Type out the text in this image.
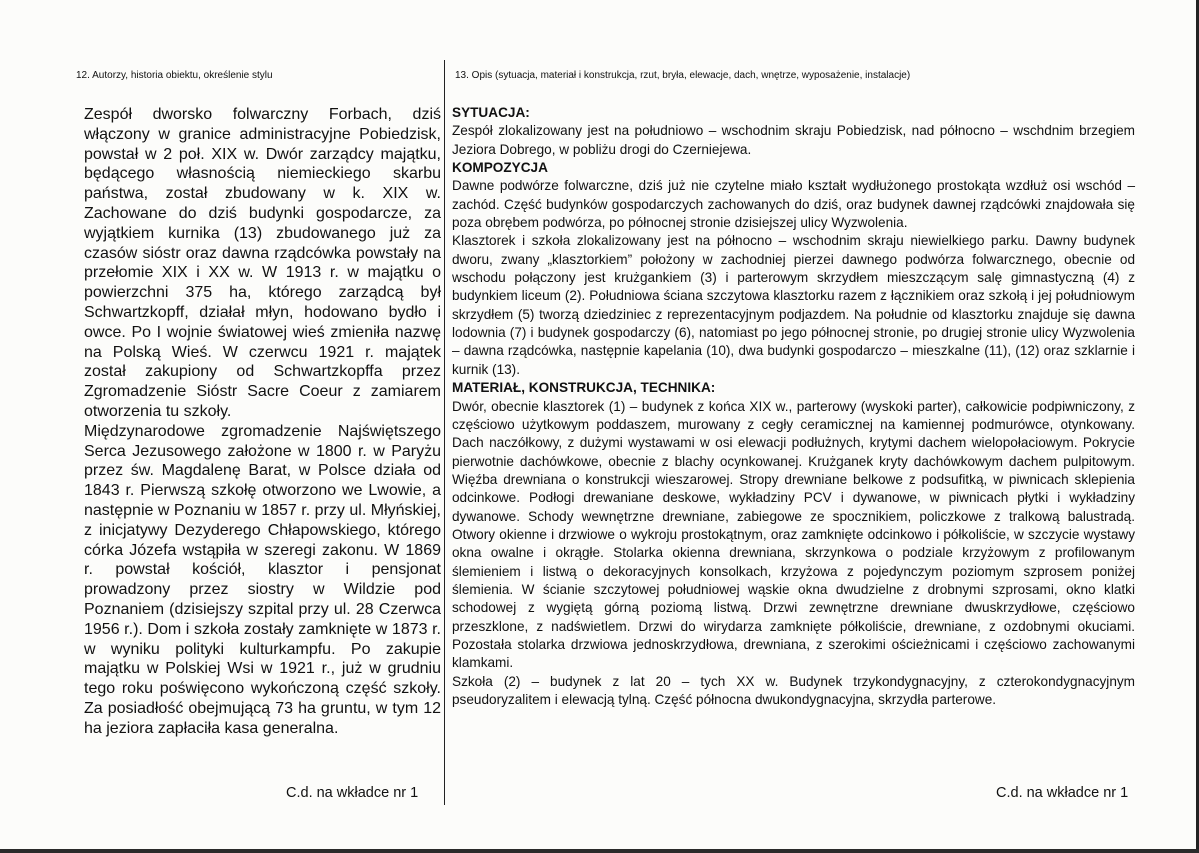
12. Autorzy, historia obiektu, określenie stylu	13. Opis (sytuacja, materiał i konstrukcja, rzut, bryła, elewacje, dach, wnętrze, wyposażenie, instalacje)

Zespół dworsko folwarczny Forbach, dziś włączony w granice administracyjne Pobiedzisk, powstał w 2 poł. XIX w. Dwór zarządcy majątku, będącego własnością niemieckiego skarbu państwa, został zbudowany w k. XIX w. Zachowane do dziś budynki gospodarcze, za wyjątkiem kurnika (13) zbudowanego już za czasów sióstr oraz dawna rządcówka powstały na przełomie XIX i XX w. W 1913 r. w majątku o powierzchni 375 ha, którego zarządcą był Schwartzkopff, działał młyn, hodowano bydło i owce. Po I wojnie światowej wieś zmieniła nazwę na Polską Wieś. W czerwcu 1921 r. majątek został zakupiony od Schwartzkopffa przez Zgromadzenie Sióstr Sacre Coeur z zamiarem otworzenia tu szkoły.

Międzynarodowe zgromadzenie Najświętszego Serca Jezusowego założone w 1800 r. w Paryżu przez św. Magdalenę Barat, w Polsce działa od 1843 r. Pierwszą szkołę otworzono we Lwowie, a następnie w Poznaniu w 1857 r. przy ul. Młyńskiej, z inicjatywy Dezyderego Chłapowskiego, którego córka Józefa wstąpiła w szeregi zakonu. W 1869 r. powstał kościół, klasztor i pensjonat prowadzony przez siostry w Wildzie pod Poznaniem (dzisiejszy szpital przy ul. 28 Czerwca 1956 r.). Dom i szkoła zostały zamknięte w 1873 r. w wyniku polityki kulturkampfu. Po zakupie majątku w Polskiej Wsi w 1921 r., już w grudniu tego roku poświęcono wykończoną część szkoły. Za posiadłość obejmującą 73 ha gruntu, w tym 12 ha jeziora zapłaciła kasa generalna.

SYTUACJA:

Zespół zlokalizowany jest na południowo – wschodnim skraju Pobiedzisk, nad północno – wschdnim brzegiem Jeziora Dobrego, w pobliżu drogi do Czerniejewa.

KOMPOZYCJA

Dawne podwórze folwarczne, dziś już nie czytelne miało kształt wydłużonego prostokąta wzdłuż osi wschód – zachód. Część budynków gospodarczych zachowanych do dziś, oraz budynek dawnej rządcówki znajdowała się poza obrębem podwórza, po północnej stronie dzisiejszej ulicy Wyzwolenia.

Klasztorek i szkoła zlokalizowany jest na północno – wschodnim skraju niewielkiego parku. Dawny budynek dworu, zwany „klasztorkiem” położony w zachodniej pierzei dawnego podwórza folwarcznego, obecnie od wschodu połączony jest krużgankiem (3) i parterowym skrzydłem mieszczącym salę gimnastyczną (4) z budynkiem liceum (2). Południowa ściana szczytowa klasztorku razem z łącznikiem oraz szkołą i jej południowym skrzydłem (5) tworzą dziedziniec z reprezentacyjnym podjazdem. Na południe od klasztorku znajduje się dawna lodownia (7) i budynek gospodarczy (6), natomiast po jego północnej stronie, po drugiej stronie ulicy Wyzwolenia – dawna rządcówka, następnie kapelania (10), dwa budynki gospodarczo – mieszkalne (11), (12) oraz szklarnie i kurnik (13).

MATERIAŁ, KONSTRUKCJA, TECHNIKA:

Dwór, obecnie klasztorek (1) – budynek z końca XIX w., parterowy (wyskoki parter), całkowicie podpiwniczony, z częściowo użytkowym poddaszem, murowany z cegły ceramicznej na kamiennej podmurówce, otynkowany. Dach naczółkowy, z dużymi wystawami w osi elewacji podłużnych, krytymi dachem wielopołaciowym. Pokrycie pierwotnie dachówkowe, obecnie z blachy ocynkowanej. Krużganek kryty dachówkowym dachem pulpitowym. Więźba drewniana o konstrukcji wieszarowej. Stropy drewniane belkowe z podsufitką, w piwnicach sklepienia odcinkowe. Podłogi drewaniane deskowe, wykładziny PCV i dywanowe, w piwnicach płytki i wykładziny dywanowe. Schody wewnętrzne drewniane, zabiegowe ze spocznikiem, policzkowe z tralkową balustradą. Otwory okienne i drzwiowe o wykroju prostokątnym, oraz zamknięte odcinkowo i półkoliście, w szczycie wystawy okna owalne i okrągłe. Stolarka okienna drewniana, skrzynkowa o podziale krzyżowym z profilowanym ślemieniem i listwą o dekoracyjnych konsolkach, krzyżowa z pojedynczym poziomym szprosem poniżej ślemienia. W ścianie szczytowej południowej wąskie okna dwudzielne z drobnymi szprosami, okno klatki schodowej z wygiętą górną poziomą listwą. Drzwi zewnętrzne drewniane dwuskrzydłowe, częściowo przeszklone, z nadświetlem. Drzwi do wirydarza zamknięte półkoliście, drewniane, z ozdobnymi okuciami. Pozostała stolarka drzwiowa jednoskrzydłowa, drewniana, z szerokimi ościeżnicami i częściowo zachowanymi klamkami.

Szkoła (2) – budynek z lat 20 – tych XX w. Budynek trzykondygnacyjny, z czterokondygnacyjnym pseudoryzalitem i elewacją tylną. Część północna dwukondygnacyjna, skrzydła parterowe.

C.d. na wkładce nr 1	C.d. na wkładce nr 1
